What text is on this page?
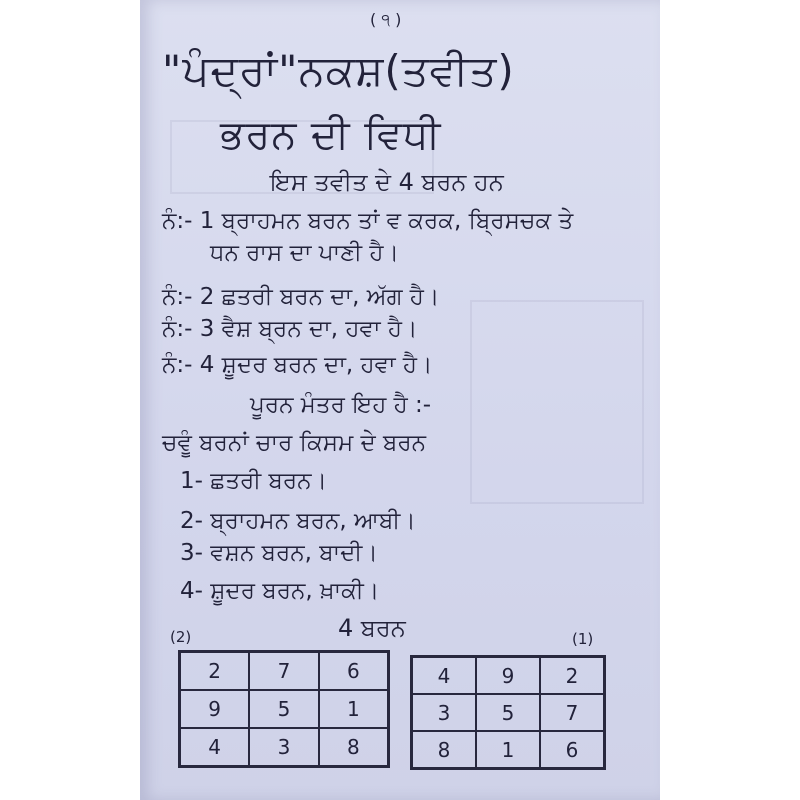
( ੧ )
"ਪੰਦ੍ਰਾਂ"ਨਕਸ਼(ਤਵੀਤ)
ਭਰਨ ਦੀ ਵਿਧੀ
ਇਸ ਤਵੀਤ ਦੇ 4 ਬਰਨ ਹਨ
ਨੰ:- 1 ਬ੍ਰਾਹਮਨ ਬਰਨ ਤਾਂ ਵ ਕਰਕ, ਬ੍ਰਿਸਚਕ ਤੇ
ਧਨ ਰਾਸ ਦਾ ਪਾਣੀ ਹੈ।
ਨੰ:- 2 ਛਤਰੀ ਬਰਨ ਦਾ, ਅੱਗ ਹੈ।
ਨੰ:- 3 ਵੈਸ਼ ਬ੍ਰਨ ਦਾ, ਹਵਾ ਹੈ।
ਨੰ:- 4 ਸ਼ੂਦਰ ਬਰਨ ਦਾ, ਹਵਾ ਹੈ।
ਪੂਰਨ ਮੰਤਰ ਇਹ ਹੈ :-
ਚਵੂੰ ਬਰਨਾਂ ਚਾਰ ਕਿਸਮ ਦੇ ਬਰਨ
1- ਛਤਰੀ ਬਰਨ।
2- ਬ੍ਰਾਹਮਨ ਬਰਨ, ਆਬੀ।
3- ਵਸ਼ਨ ਬਰਨ, ਬਾਦੀ।
4- ਸ਼ੂਦਰ ਬਰਨ, ਖ਼ਾਕੀ।
4 ਬਰਨ
(2)	(1)
2	7	6
9	5	1
4	3	8
4	9	2
3	5	7
8	1	6
